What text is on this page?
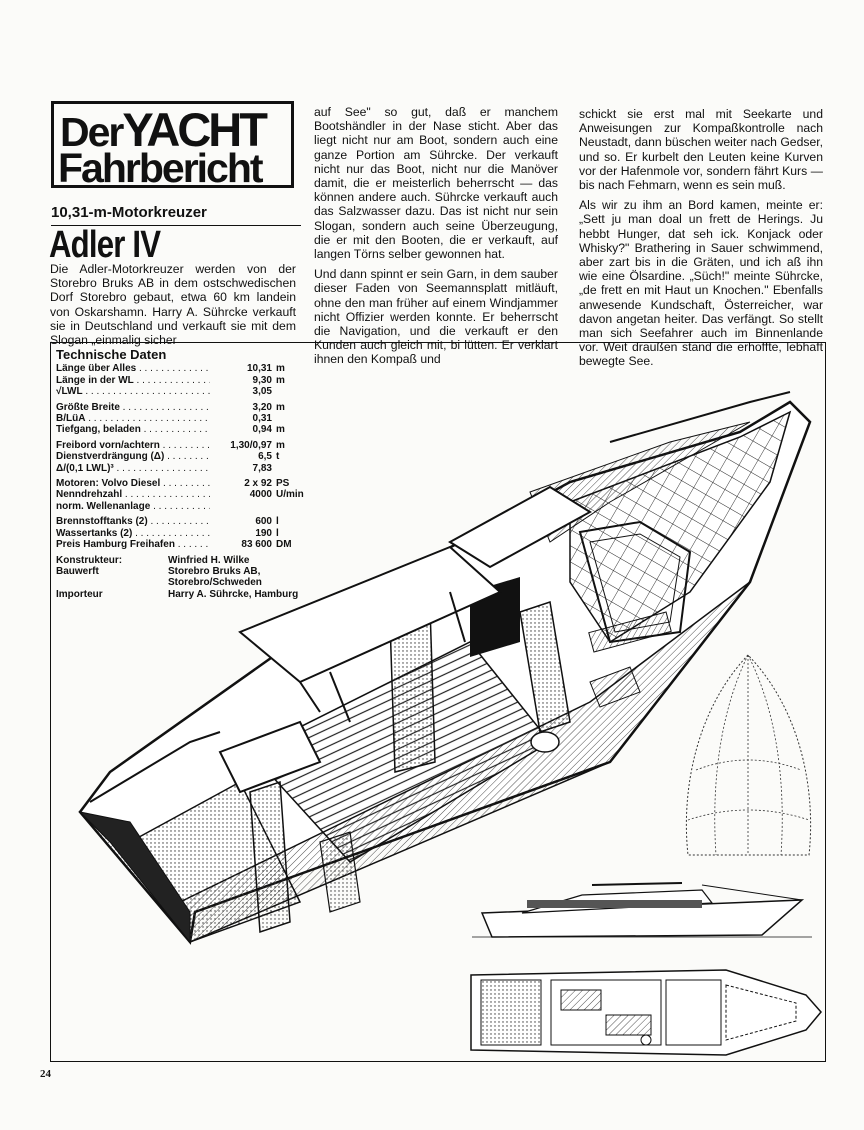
DerYACHT
Fahrbericht
10,31-m-Motorkreuzer
Adler IV

Die Adler-Motorkreuzer werden von der Storebro Bruks AB in dem ostschwedischen Dorf Storebro gebaut, etwa 60 km landein von Oskarshamn. Harry A. Sührcke verkauft sie in Deutschland und verkauft sie mit dem Slogan „einmalig sicher

auf See" so gut, daß er manchem Bootshändler in der Nase sticht. Aber das liegt nicht nur am Boot, sondern auch eine ganze Portion am Sührcke. Der verkauft nicht nur das Boot, nicht nur die Manöver damit, die er meisterlich beherrscht — das können andere auch. Sührcke verkauft auch das Salzwasser dazu. Das ist nicht nur sein Slogan, sondern auch seine Überzeugung, die er mit den Booten, die er verkauft, auf langen Törns selber gewonnen hat.

Und dann spinnt er sein Garn, in dem sauber dieser Faden von Seemannsplatt mitläuft, ohne den man früher auf einem Windjammer nicht Offizier werden konnte. Er beherrscht die Navigation, und die verkauft er den Kunden auch gleich mit, bi lütten. Er verklart ihnen den Kompaß und

schickt sie erst mal mit Seekarte und Anweisungen zur Kompaßkontrolle nach Neustadt, dann büschen weiter nach Gedser, und so. Er kurbelt den Leuten keine Kurven vor der Hafenmole vor, sondern fährt Kurs — bis nach Fehmarn, wenn es sein muß.

Als wir zu ihm an Bord kamen, meinte er: „Sett ju man doal un frett de Herings. Ju hebbt Hunger, dat seh ick. Konjack oder Whisky?" Brathering in Sauer schwimmend, aber zart bis in die Gräten, und ich aß ihn wie eine Ölsardine. „Süch!" meinte Sührcke, „de frett en mit Haut un Knochen." Ebenfalls anwesende Kundschaft, Österreicher, war davon angetan heiter. Das verfängt. So stellt man sich Seefahrer auch im Binnenlande vor. Weit draußen stand die erhoffte, lebhaft bewegte See.

Technische Daten
Länge über Alles . . .	10,31 m
Länge in der WL . . .	9,30 m
√LWL . . .	3,05
Größte Breite . . .	3,20 m
B/LüA . . .	0,31
Tiefgang, beladen . . .	0,94 m
Freibord vorn/achtern . . .	1,30/0,97 m
Dienstverdrängung (Δ) . . .	6,5 t
Δ/(0,1 LWL)³ . . .	7,83
Motoren: Volvo Diesel . . .	2 x 92 PS
Nenndrehzahl . . .	4000 U/min
norm. Wellenanlage . . .
Brennstofftanks (2) . . .	600 l
Wassertanks (2) . . .	190 l
Preis Hamburg Freihafen . . .	83 600 DM
Konstrukteur:	Winfried H. Wilke
Bauwerft	Storebro Bruks AB,
Storebro/Schweden
Importeur	Harry A. Sührcke, Hamburg
24
